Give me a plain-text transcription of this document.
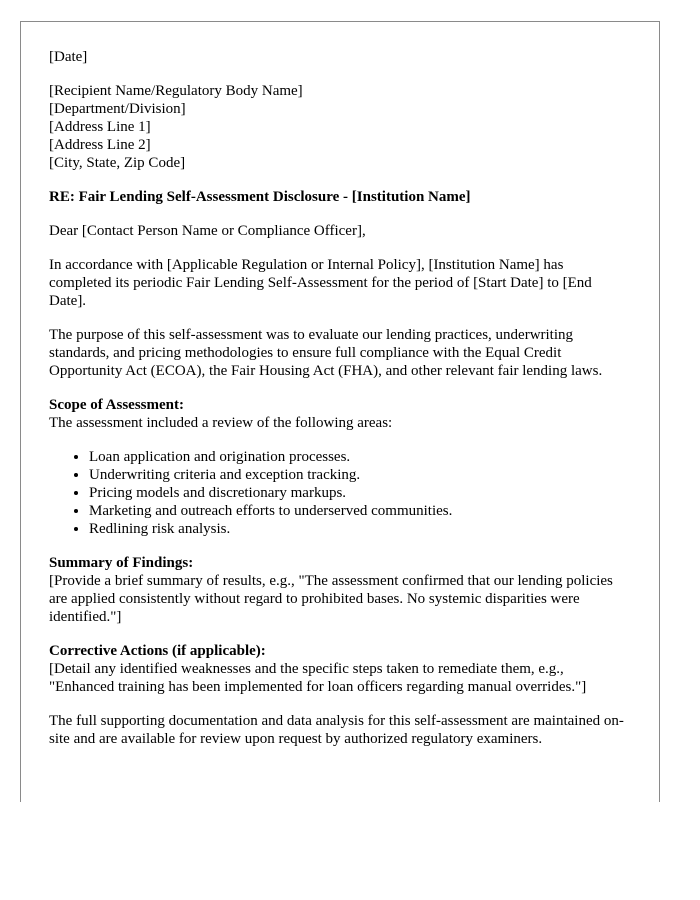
[Date]

[Recipient Name/Regulatory Body Name]
[Department/Division]
[Address Line 1]
[Address Line 2]
[City, State, Zip Code]

RE: Fair Lending Self-Assessment Disclosure - [Institution Name]

Dear [Contact Person Name or Compliance Officer],

In accordance with [Applicable Regulation or Internal Policy], [Institution Name] has completed its periodic Fair Lending Self-Assessment for the period of [Start Date] to [End Date].

The purpose of this self-assessment was to evaluate our lending practices, underwriting standards, and pricing methodologies to ensure full compliance with the Equal Credit Opportunity Act (ECOA), the Fair Housing Act (FHA), and other relevant fair lending laws.

Scope of Assessment:
The assessment included a review of the following areas:
• Loan application and origination processes.
• Underwriting criteria and exception tracking.
• Pricing models and discretionary markups.
• Marketing and outreach efforts to underserved communities.
• Redlining risk analysis.

Summary of Findings:
[Provide a brief summary of results, e.g., "The assessment confirmed that our lending policies are applied consistently without regard to prohibited bases. No systemic disparities were identified."]

Corrective Actions (if applicable):
[Detail any identified weaknesses and the specific steps taken to remediate them, e.g., "Enhanced training has been implemented for loan officers regarding manual overrides."]

The full supporting documentation and data analysis for this self-assessment are maintained on-site and are available for review upon request by authorized regulatory examiners.
